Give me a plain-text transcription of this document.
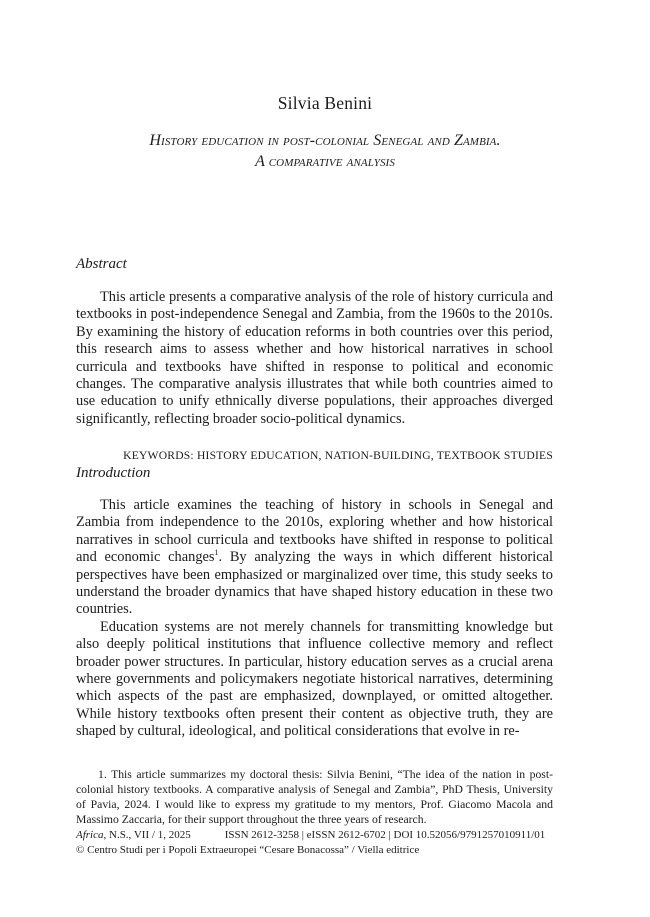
Silvia Benini
History education in post-colonial Senegal and Zambia.
A comparative analysis
Abstract

This article presents a comparative analysis of the role of history curricula and textbooks in post-independence Senegal and Zambia, from the 1960s to the 2010s. By examining the history of education reforms in both countries over this period, this research aims to assess whether and how historical narratives in school curricula and textbooks have shifted in response to political and economic changes. The comparative analysis illustrates that while both countries aimed to use education to unify ethnically diverse populations, their approaches diverged significantly, reflecting broader socio-political dynamics.

KEYWORDS: HISTORY EDUCATION, NATION-BUILDING, TEXTBOOK STUDIES
Introduction

This article examines the teaching of history in schools in Senegal and Zambia from independence to the 2010s, exploring whether and how historical narratives in school curricula and textbooks have shifted in response to political and economic changes$^1$. By analyzing the ways in which different historical perspectives have been emphasized or marginalized over time, this study seeks to understand the broader dynamics that have shaped history education in these two countries.

Education systems are not merely channels for transmitting knowledge but also deeply political institutions that influence collective memory and reflect broader power structures. In particular, history education serves as a crucial arena where governments and policymakers negotiate historical narratives, determining which aspects of the past are emphasized, downplayed, or omitted altogether. While history textbooks often present their content as objective truth, they are shaped by cultural, ideological, and political considerations that evolve in re-

1. This article summarizes my doctoral thesis: Silvia Benini, “The idea of the nation in post-colonial history textbooks. A comparative analysis of Senegal and Zambia”, PhD Thesis, University of Pavia, 2024. I would like to express my gratitude to my mentors, Prof. Giacomo Macola and Massimo Zaccaria, for their support throughout the three years of research.

Africa, N.S., VII / 1, 2025	ISSN 2612-3258 | eISSN 2612-6702 | DOI 10.52056/9791257010911/01
© Centro Studi per i Popoli Extraeuropei “Cesare Bonacossa” / Viella editrice
